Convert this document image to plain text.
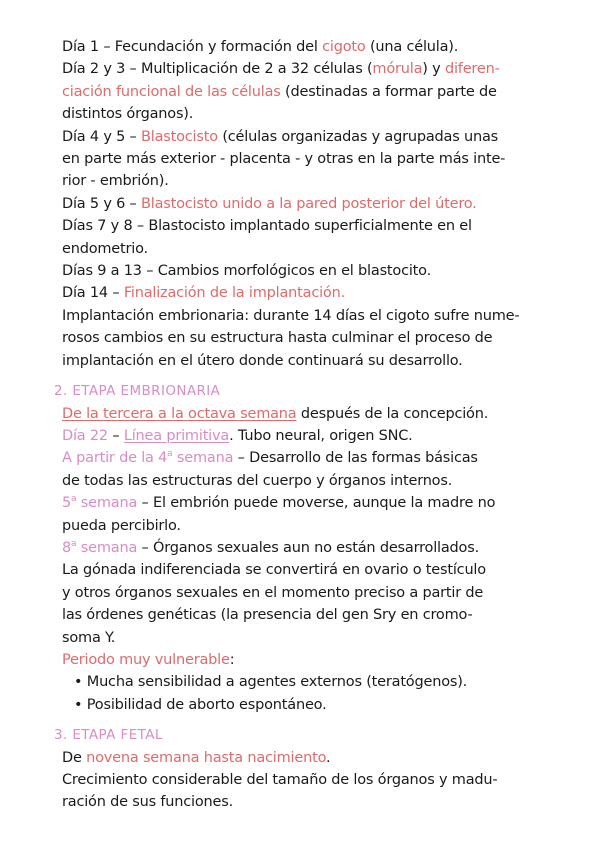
Día 1 – Fecundación y formación del cigoto (una célula).
Día 2 y 3 – Multiplicación de 2 a 32 células (mórula) y diferen-
ciación funcional de las células (destinadas a formar parte de
distintos órganos).
Día 4 y 5 – Blastocisto (células organizadas y agrupadas unas
en parte más exterior - placenta - y otras en la parte más inte-
rior - embrión).
Día 5 y 6 – Blastocisto unido a la pared posterior del útero.
Días 7 y 8 – Blastocisto implantado superficialmente en el
endometrio.
Días 9 a 13 – Cambios morfológicos en el blastocito.
Día 14 – Finalización de la implantación.
Implantación embrionaria: durante 14 días el cigoto sufre nume-
rosos cambios en su estructura hasta culminar el proceso de
implantación en el útero donde continuará su desarrollo.
2. ETAPA EMBRIONARIA
De la tercera a la octava semana después de la concepción.
Día 22 – Línea primitiva. Tubo neural, origen SNC.
A partir de la 4$^a$ semana – Desarrollo de las formas básicas
de todas las estructuras del cuerpo y órganos internos.
5$^a$ semana – El embrión puede moverse, aunque la madre no
pueda percibirlo.
8$^a$ semana – Órganos sexuales aun no están desarrollados.
La gónada indiferenciada se convertirá en ovario o testículo
y otros órganos sexuales en el momento preciso a partir de
las órdenes genéticas (la presencia del gen Sry en cromo-
soma Y.
Periodo muy vulnerable:
• Mucha sensibilidad a agentes externos (teratógenos).
• Posibilidad de aborto espontáneo.
3. ETAPA FETAL
De novena semana hasta nacimiento.
Crecimiento considerable del tamaño de los órganos y madu-
ración de sus funciones.
